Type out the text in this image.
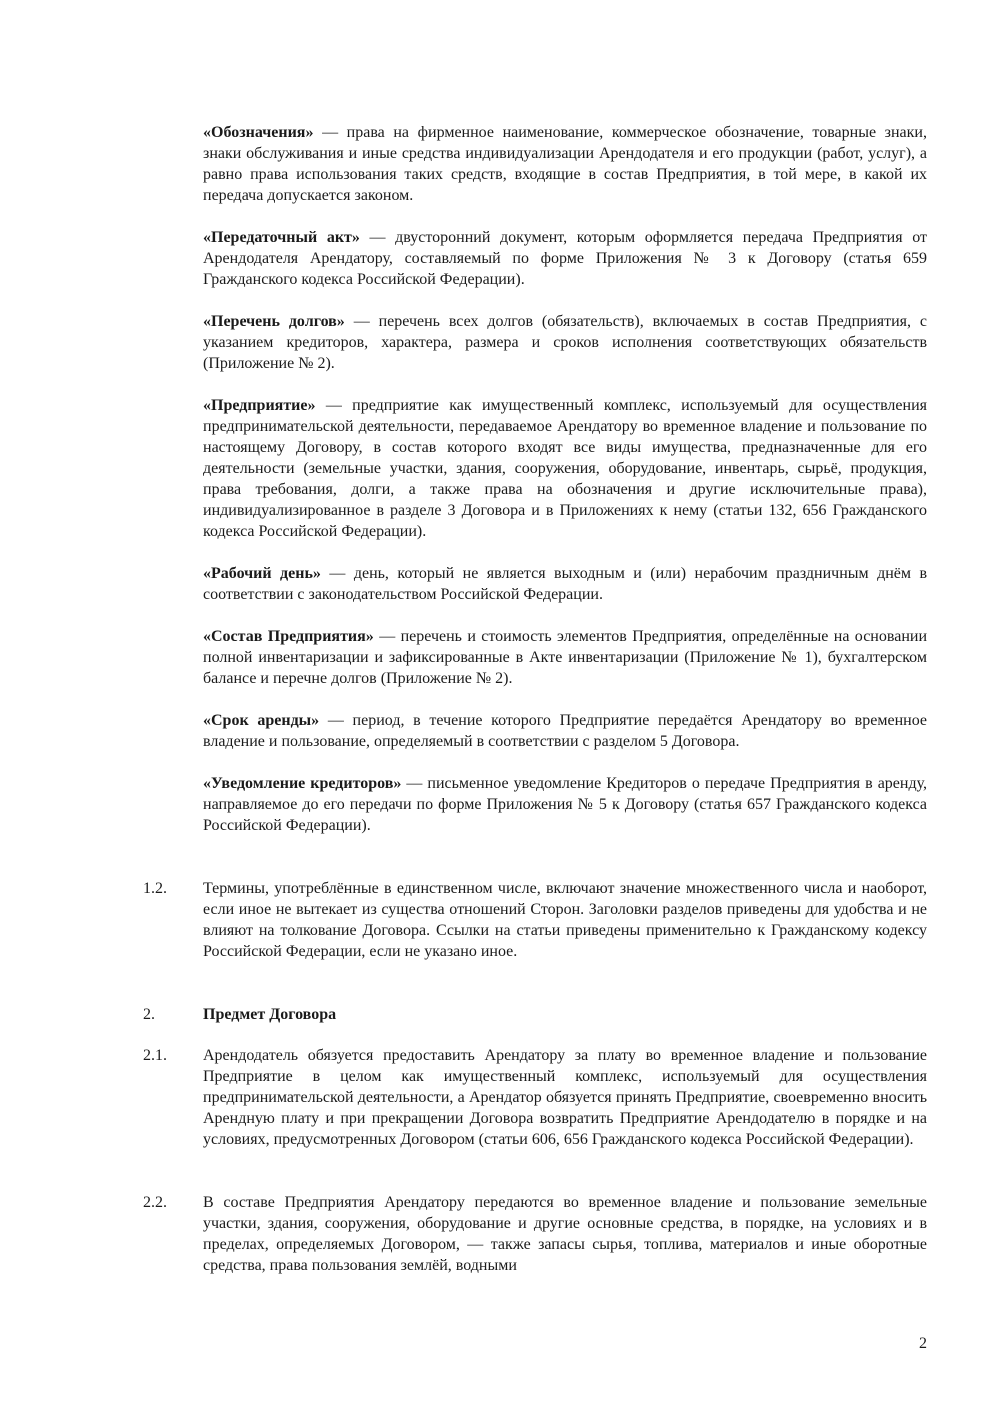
«Обозначения» — права на фирменное наименование, коммерческое обозначение, товарные знаки, знаки обслуживания и иные средства индивидуализации Арендодателя и его продукции (работ, услуг), а равно права использования таких средств, входящие в состав Предприятия, в той мере, в какой их передача допускается законом.

«Передаточный акт» — двусторонний документ, которым оформляется передача Предприятия от Арендодателя Арендатору, составляемый по форме Приложения № 3 к Договору (статья 659 Гражданского кодекса Российской Федерации).

«Перечень долгов» — перечень всех долгов (обязательств), включаемых в состав Предприятия, с указанием кредиторов, характера, размера и сроков исполнения соответствующих обязательств (Приложение № 2).

«Предприятие» — предприятие как имущественный комплекс, используемый для осуществления предпринимательской деятельности, передаваемое Арендатору во временное владение и пользование по настоящему Договору, в состав которого входят все виды имущества, предназначенные для его деятельности (земельные участки, здания, сооружения, оборудование, инвентарь, сырьё, продукция, права требования, долги, а также права на обозначения и другие исключительные права), индивидуализированное в разделе 3 Договора и в Приложениях к нему (статьи 132, 656 Гражданского кодекса Российской Федерации).

«Рабочий день» — день, который не является выходным и (или) нерабочим праздничным днём в соответствии с законодательством Российской Федерации.

«Состав Предприятия» — перечень и стоимость элементов Предприятия, определённые на основании полной инвентаризации и зафиксированные в Акте инвентаризации (Приложение № 1), бухгалтерском балансе и перечне долгов (Приложение № 2).

«Срок аренды» — период, в течение которого Предприятие передаётся Арендатору во временное владение и пользование, определяемый в соответствии с разделом 5 Договора.

«Уведомление кредиторов» — письменное уведомление Кредиторов о передаче Предприятия в аренду, направляемое до его передачи по форме Приложения № 5 к Договору (статья 657 Гражданского кодекса Российской Федерации).

1.2.	Термины, употреблённые в единственном числе, включают значение множественного числа и наоборот, если иное не вытекает из существа отношений Сторон. Заголовки разделов приведены для удобства и не влияют на толкование Договора. Ссылки на статьи приведены применительно к Гражданскому кодексу Российской Федерации, если не указано иное.
2.	Предмет Договора
2.1.	Арендодатель обязуется предоставить Арендатору за плату во временное владение и пользование Предприятие в целом как имущественный комплекс, используемый для осуществления предпринимательской деятельности, а Арендатор обязуется принять Предприятие, своевременно вносить Арендную плату и при прекращении Договора возвратить Предприятие Арендодателю в порядке и на условиях, предусмотренных Договором (статьи 606, 656 Гражданского кодекса Российской Федерации).
2.2.	В составе Предприятия Арендатору передаются во временное владение и пользование земельные участки, здания, сооружения, оборудование и другие основные средства, в порядке, на условиях и в пределах, определяемых Договором, — также запасы сырья, топлива, материалов и иные оборотные средства, права пользования землёй, водными
2
